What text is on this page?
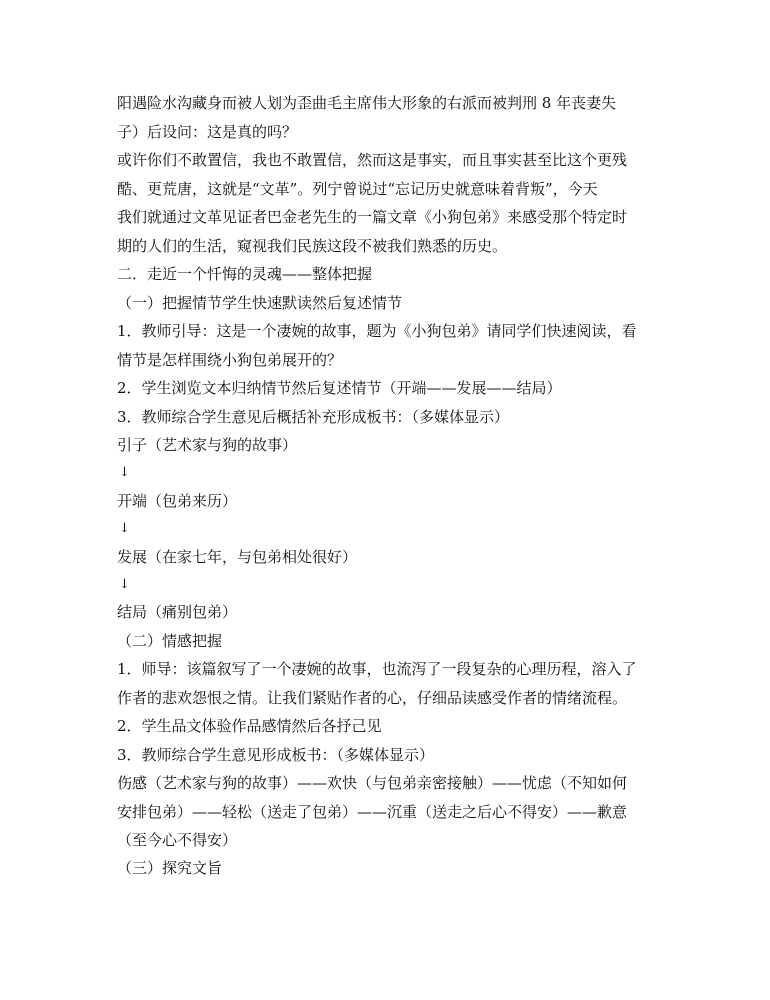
阳遇险水沟藏身而被人划为歪曲毛主席伟大形象的右派而被判刑 8 年丧妻失
子）后设问：这是真的吗？
或许你们不敢置信，我也不敢置信，然而这是事实，而且事实甚至比这个更残
酷、更荒唐，这就是“文革”。列宁曾说过“忘记历史就意味着背叛”，今天
我们就通过文革见证者巴金老先生的一篇文章《小狗包弟》来感受那个特定时
期的人们的生活，窥视我们民族这段不被我们熟悉的历史。
二．走近一个忏悔的灵魂——整体把握
（一）把握情节学生快速默读然后复述情节
1．教师引导：这是一个凄婉的故事，题为《小狗包弟》请同学们快速阅读，看
情节是怎样围绕小狗包弟展开的？
2．学生浏览文本归纳情节然后复述情节（开端——发展——结局）
3．教师综合学生意见后概括补充形成板书：（多媒体显示）
引子（艺术家与狗的故事）
↓
开端（包弟来历）
↓
发展（在家七年，与包弟相处很好）
↓
结局（痛别包弟）
（二）情感把握
1．师导：该篇叙写了一个凄婉的故事，也流泻了一段复杂的心理历程，溶入了
作者的悲欢怨恨之情。让我们紧贴作者的心，仔细品读感受作者的情绪流程。
2．学生品文体验作品感情然后各抒己见
3．教师综合学生意见形成板书：（多媒体显示）
伤感（艺术家与狗的故事）——欢快（与包弟亲密接触）——忧虑（不知如何
安排包弟）——轻松（送走了包弟）——沉重（送走之后心不得安）——歉意
（至今心不得安）
（三）探究文旨
